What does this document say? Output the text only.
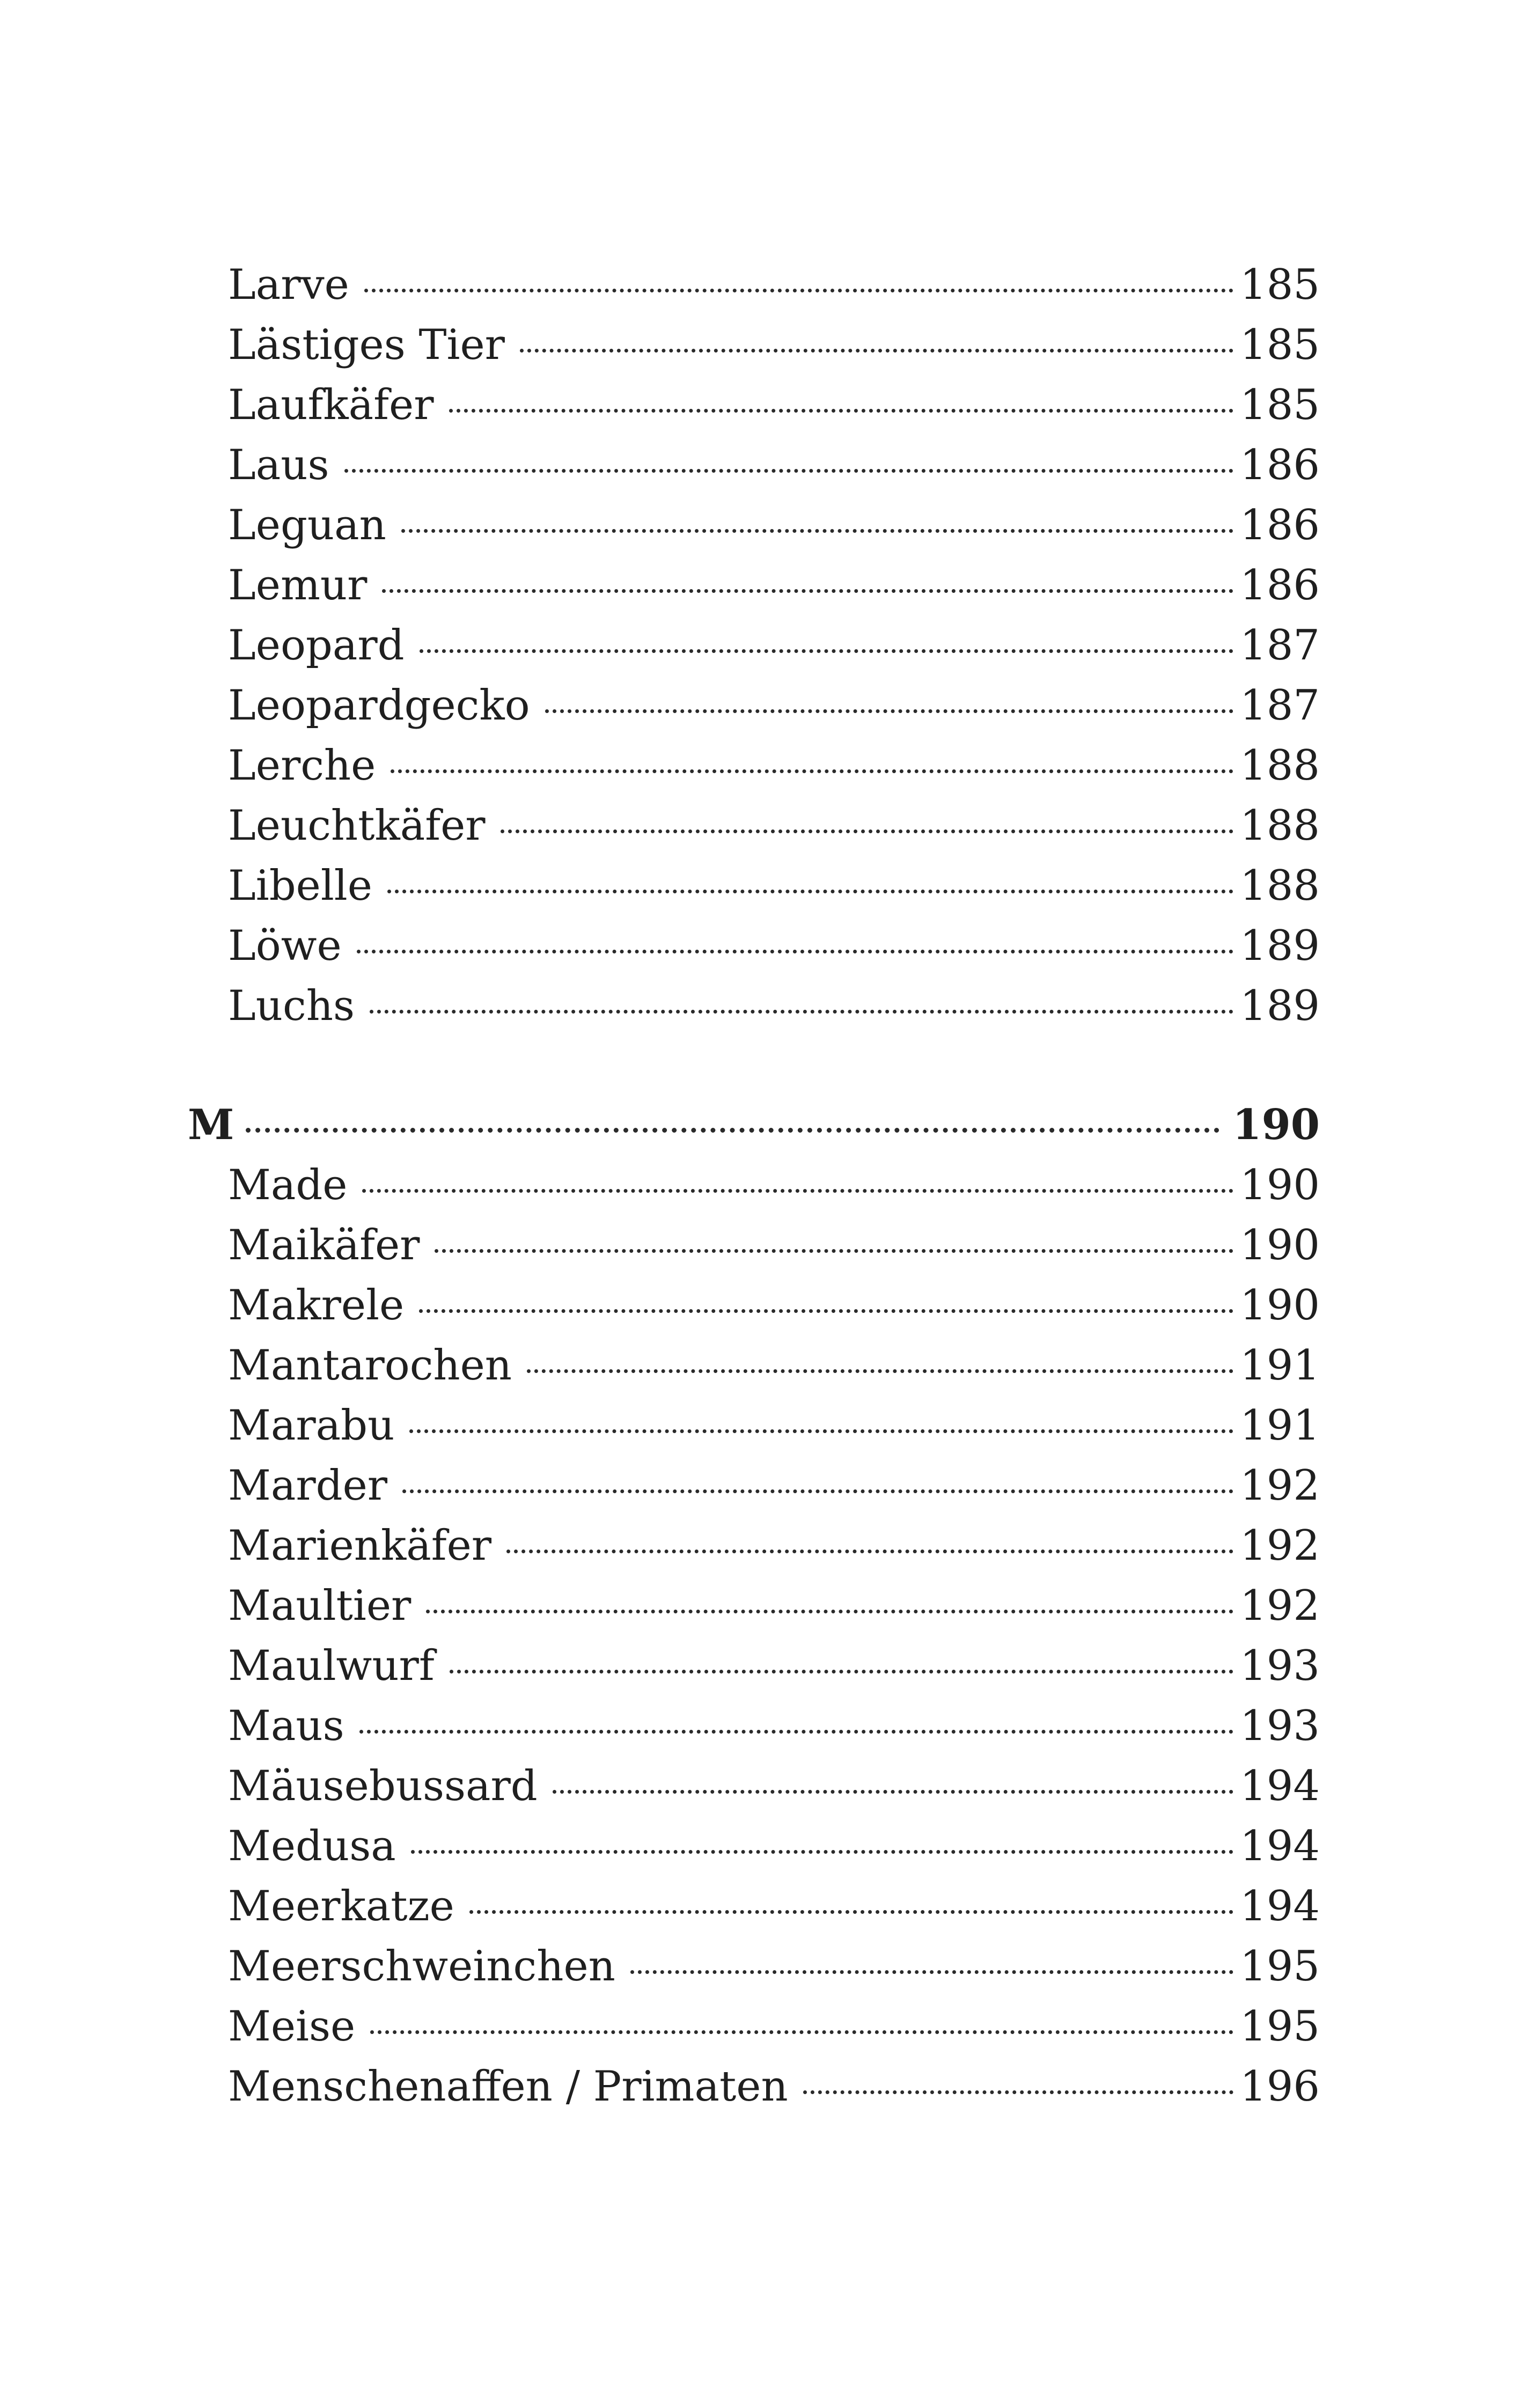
Larve	185
Lästiges Tier	185
Laufkäfer	185
Laus	186
Leguan	186
Lemur	186
Leopard	187
Leopardgecko	187
Lerche	188
Leuchtkäfer	188
Libelle	188
Löwe	189
Luchs	189
M	190
Made	190
Maikäfer	190
Makrele	190
Mantarochen	191
Marabu	191
Marder	192
Marienkäfer	192
Maultier	192
Maulwurf	193
Maus	193
Mäusebussard	194
Medusa	194
Meerkatze	194
Meerschweinchen	195
Meise	195
Menschenaffen / Primaten	196
